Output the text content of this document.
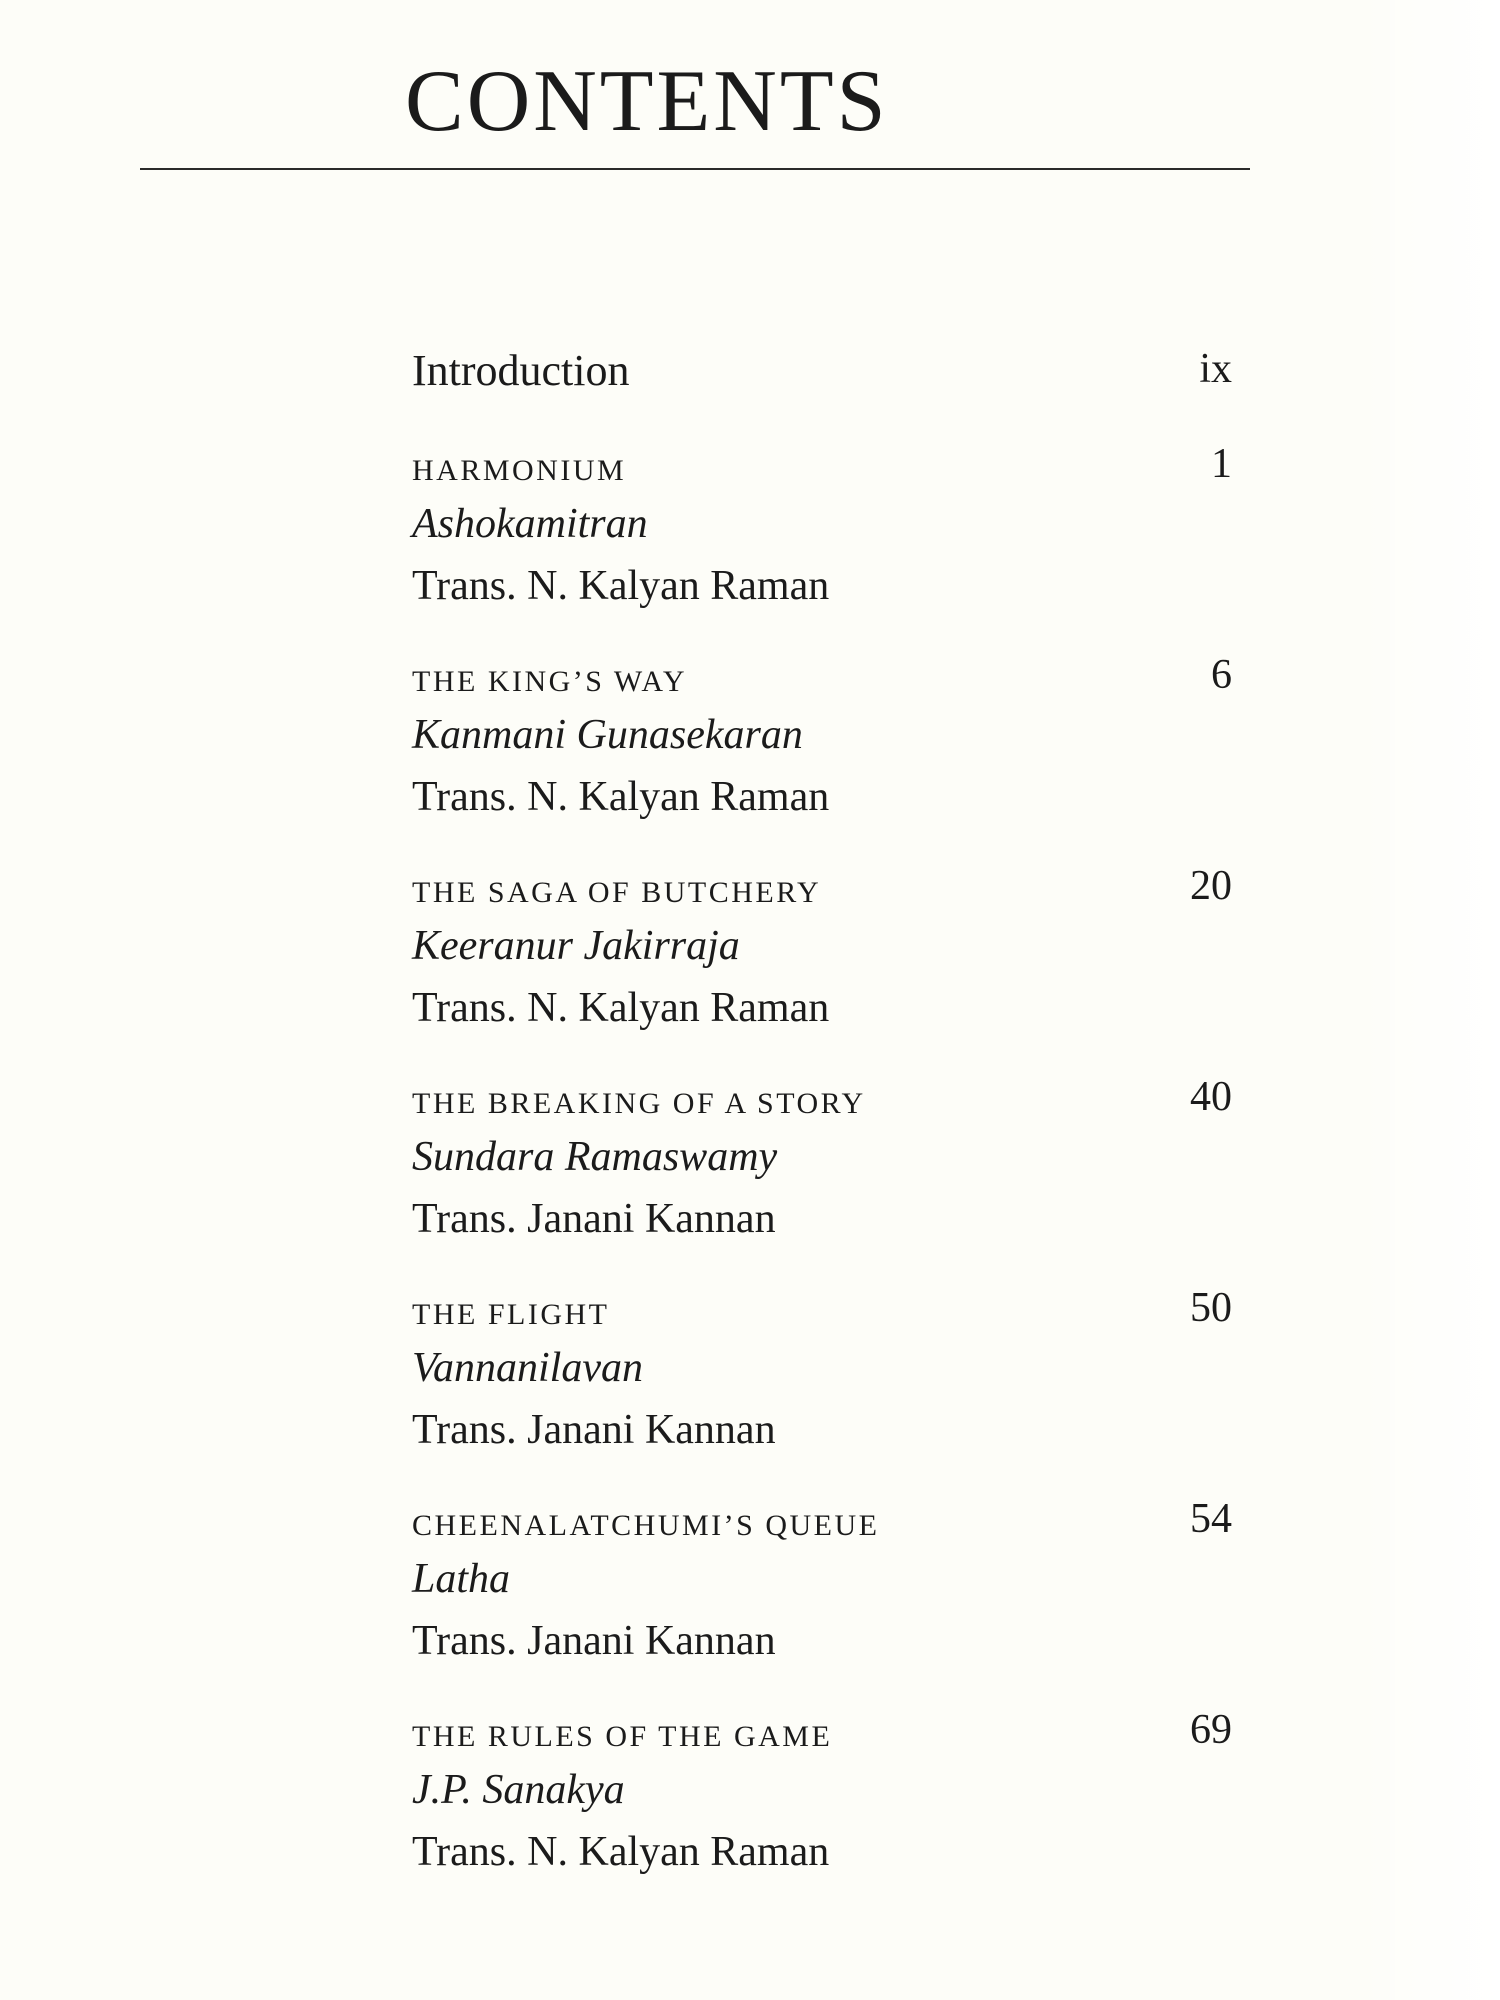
CONTENTS
Introduction	ix
HARMONIUM	1
Ashokamitran
Trans. N. Kalyan Raman
THE KING’S WAY	6
Kanmani Gunasekaran
Trans. N. Kalyan Raman
THE SAGA OF BUTCHERY	20
Keeranur Jakirraja
Trans. N. Kalyan Raman
THE BREAKING OF A STORY	40
Sundara Ramaswamy
Trans. Janani Kannan
THE FLIGHT	50
Vannanilavan
Trans. Janani Kannan
CHEENALATCHUMI’S QUEUE	54
Latha
Trans. Janani Kannan
THE RULES OF THE GAME	69
J.P. Sanakya
Trans. N. Kalyan Raman
